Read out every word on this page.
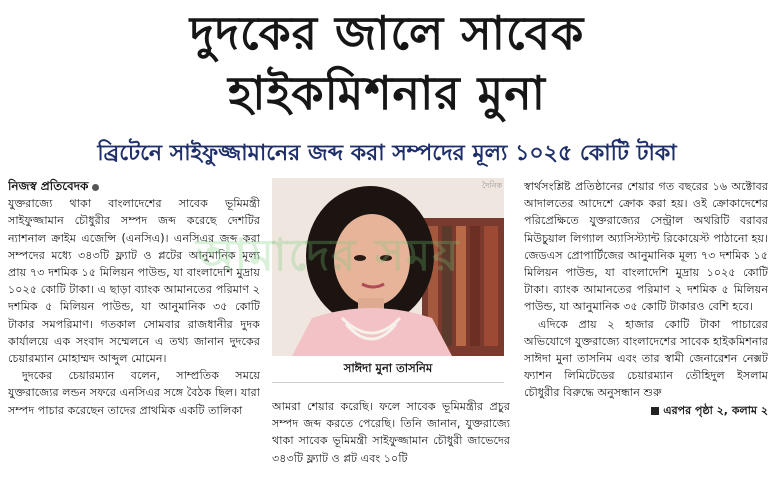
দুদকের জালে সাবেক
হাইকমিশনার মুনা
ব্রিটেনে সাইফুজ্জামানের জব্দ করা সম্পদের মূল্য ১০২৫ কোটি টাকা

নিজস্ব প্রতিবেদক

যুক্তরাজ্যে থাকা বাংলাদেশের সাবেক ভূমিমন্ত্রী সাইফুজ্জামান চৌধুরীর সম্পদ জব্দ করেছে দেশটির ন্যাশনাল ক্রাইম এজেন্সি (এনসিএ)। এনসিএর জব্দ করা সম্পদের মধ্যে ৩৪৩টি ফ্ল্যাট ও প্লটের আনুমানিক মূল্য প্রায় ৭৩ দশমিক ১৫ মিলিয়ন পাউন্ড, যা বাংলাদেশি মুদ্রায় ১০২৫ কোটি টাকা। এ ছাড়া ব্যাংক আমানতের পরিমাণ ২ দশমিক ৫ মিলিয়ন পাউন্ড, যা আনুমানিক ৩৫ কোটি টাকার সমপরিমাণ। গতকাল সোমবার রাজধানীর দুদক কার্যালয়ে এক সংবাদ সম্মেলনে এ তথ্য জানান দুদকের চেয়ারম্যান মোহাম্মদ আব্দুল মোমেন।

দুদকের চেয়ারম্যান বলেন, সাম্প্রতিক সময়ে যুক্তরাজ্যের লন্ডন সফরে এনসিএর সঙ্গে বৈঠক ছিল। যারা সম্পদ পাচার করেছেন তাদের প্রাথমিক একটি তালিকা

দৈনিক
সাঈদা মুনা তাসনিম

আমরা শেয়ার করেছি। ফলে সাবেক ভূমিমন্ত্রীর প্রচুর সম্পদ জব্দ করতে পেরেছি। তিনি জানান, যুক্তরাজ্যে থাকা সাবেক ভূমিমন্ত্রী সাইফুজ্জামান চৌধুরী জাভেদের ৩৪৩টি ফ্ল্যাট ও প্লট এবং ১০টি

স্বার্থসংশ্লিষ্ট প্রতিষ্ঠানের শেয়ার গত বছরের ১৬ অক্টোবর আদালতের আদেশে ক্রোক করা হয়। ওই ক্রোকাদেশের পরিপ্রেক্ষিতে যুক্তরাজ্যের সেন্ট্রাল অথরিটি বরাবর মিউচুয়াল লিগ্যাল অ্যাসিস্ট্যান্ট রিকোয়েস্ট পাঠানো হয়। জেডএস প্রোপার্টিজের আনুমানিক মূল্য ৭৩ দশমিক ১৫ মিলিয়ন পাউন্ড, যা বাংলাদেশি মুদ্রায় ১০২৫ কোটি টাকা। ব্যাংক আমানতের পরিমাণ ২ দশমিক ৫ মিলিয়ন পাউন্ড, যা আনুমানিক ৩৫ কোটি টাকারও বেশি হবে।

এদিকে প্রায় ২ হাজার কোটি টাকা পাচারের অভিযোগে যুক্তরাজ্যে বাংলাদেশের সাবেক হাইকমিশনার সাঈদা মুনা তাসনিম এবং তার স্বামী জেনারেশন নেক্সট ফ্যাশন লিমিটেডের চেয়ারম্যান তৌহিদুল ইসলাম চৌধুরীর বিরুদ্ধে অনুসন্ধান শুরু

এরপর পৃষ্ঠা ২, কলাম ২

আমাদের সময়
